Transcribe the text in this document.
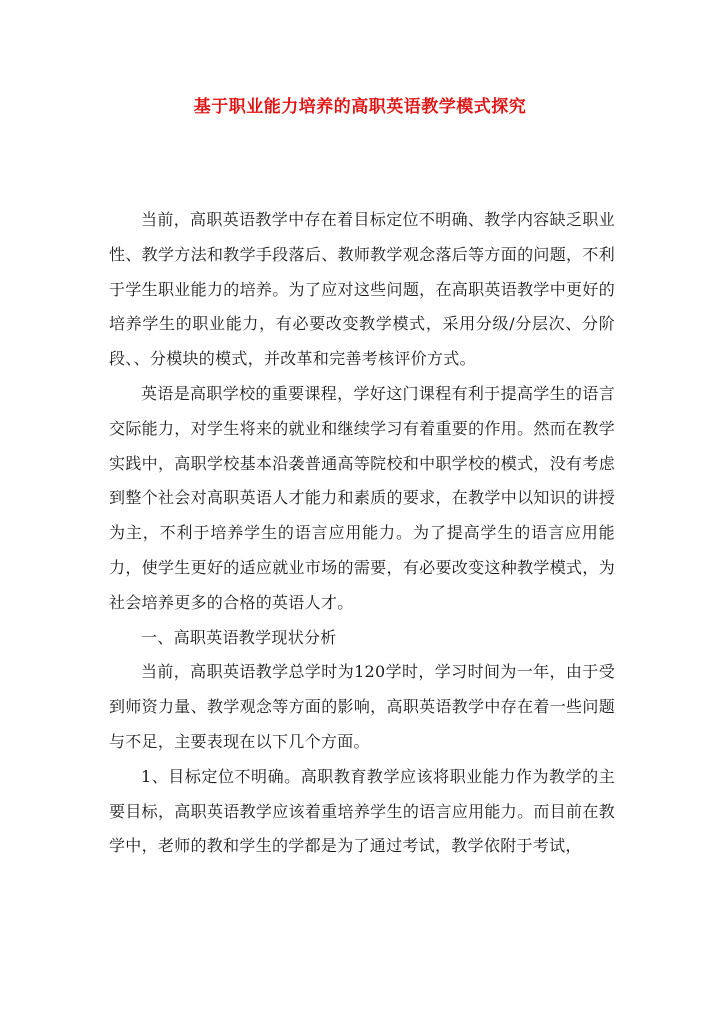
基于职业能力培养的高职英语教学模式探究

当前，高职英语教学中存在着目标定位不明确、教学内容缺乏职业性、教学方法和教学手段落后、教师教学观念落后等方面的问题，不利于学生职业能力的培养。为了应对这些问题，在高职英语教学中更好的培养学生的职业能力，有必要改变教学模式，采用分级/分层次、分阶段、、分模块的模式，并改革和完善考核评价方式。

英语是高职学校的重要课程，学好这门课程有利于提高学生的语言交际能力，对学生将来的就业和继续学习有着重要的作用。然而在教学实践中，高职学校基本沿袭普通高等院校和中职学校的模式，没有考虑到整个社会对高职英语人才能力和素质的要求，在教学中以知识的讲授为主，不利于培养学生的语言应用能力。为了提高学生的语言应用能力，使学生更好的适应就业市场的需要，有必要改变这种教学模式，为社会培养更多的合格的英语人才。

一、高职英语教学现状分析

当前，高职英语教学总学时为120学时，学习时间为一年，由于受到师资力量、教学观念等方面的影响，高职英语教学中存在着一些问题与不足，主要表现在以下几个方面。

1、目标定位不明确。高职教育教学应该将职业能力作为教学的主要目标，高职英语教学应该着重培养学生的语言应用能力。而目前在教学中，老师的教和学生的学都是为了通过考试，教学依附于考试，
